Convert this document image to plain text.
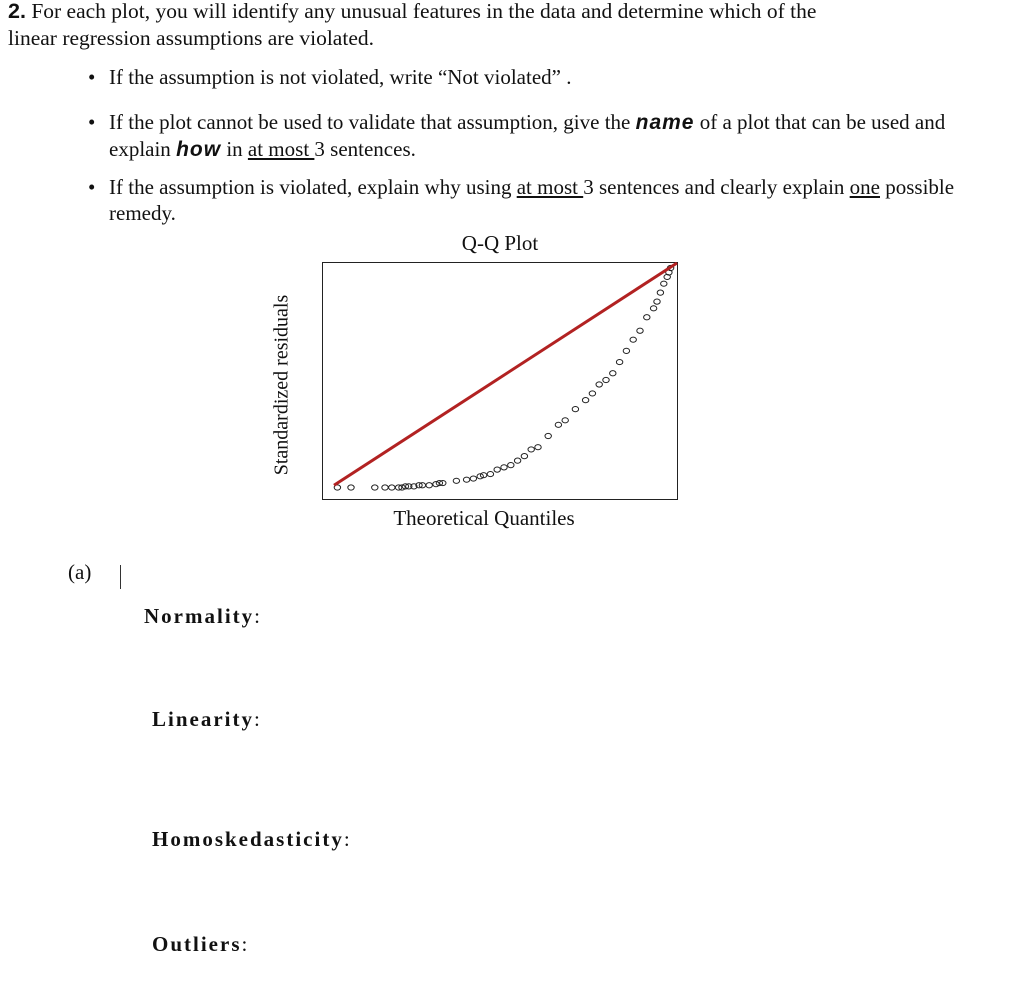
2. For each plot, you will identify any unusual features in the data and determine which of the
linear regression assumptions are violated.
• If the assumption is not violated, write “Not violated” .
• If the plot cannot be used to validate that assumption, give the name of a plot that can be used and explain how in at most 3 sentences.
• If the assumption is violated, explain why using at most 3 sentences and clearly explain one possible remedy.
Q-Q Plot
Standardized residuals
Theoretical Quantiles
(a)
Normality:
Linearity:
Homoskedasticity:
Outliers:
